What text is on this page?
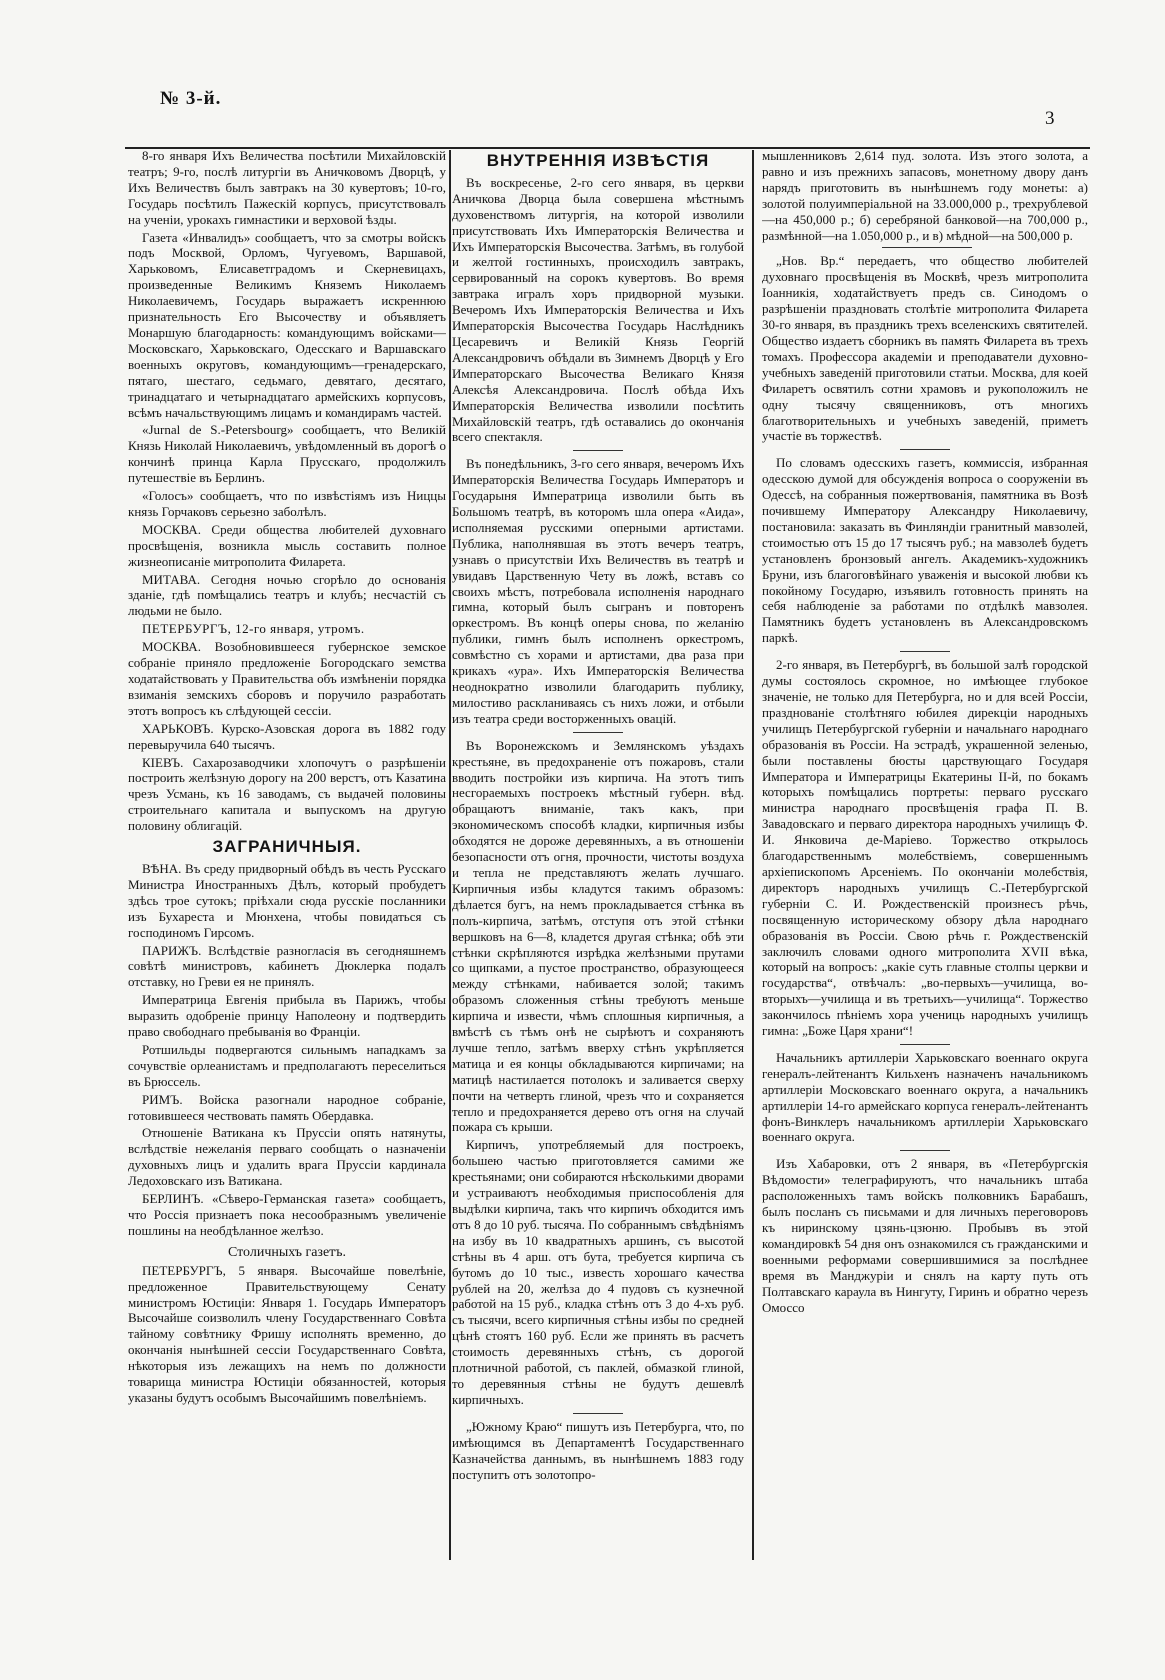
№ 3-й.
3

8-го января Ихъ Величества посѣтили Михайловскій театръ; 9-го, послѣ литургіи въ Аничковомъ Дворцѣ, у Ихъ Величествъ былъ завтракъ на 30 кувертовъ; 10-го, Государь посѣтилъ Пажескій корпусъ, присутствовалъ на ученіи, урокахъ гимнастики и верховой ѣзды.

Газета «Инвалидъ» сообщаетъ, что за смотры войскъ подъ Москвой, Орломъ, Чугуевомъ, Варшавой, Харьковомъ, Елисаветградомъ и Скерневицахъ, произведенные Великимъ Княземъ Николаемъ Николаевичемъ, Государь выражаетъ искреннюю признательность Его Высочеству и объявляетъ Монаршую благодарность: командующимъ войсками—Московскаго, Харьковскаго, Одесскаго и Варшавскаго военныхъ округовъ, командующимъ—гренадерскаго, пятаго, шестаго, седьмаго, девятаго, десятаго, тринадцатаго и четырнадцатаго армейскихъ корпусовъ, всѣмъ начальствующимъ лицамъ и командирамъ частей.

«Jurnal de S.-Petersbourg» сообщаетъ, что Великій Князь Николай Николаевичъ, увѣдомленный въ дорогѣ о кончинѣ принца Карла Прусскаго, продолжилъ путешествіе въ Берлинъ.

«Голосъ» сообщаетъ, что по извѣстіямъ изъ Ниццы князь Горчаковъ серьезно заболѣлъ.

МОСКВА. Среди общества любителей духовнаго просвѣщенія, возникла мысль составить полное жизнеописаніе митрополита Филарета.

МИТАВА. Сегодня ночью сгорѣло до основанія зданіе, гдѣ помѣщались театръ и клубъ; несчастій съ людьми не было.

ПЕТЕРБУРГЪ, 12-го января, утромъ.

МОСКВА. Возобновившееся губернское земское собраніе приняло предложеніе Богородскаго земства ходатайствовать у Правительства объ измѣненіи порядка взиманія земскихъ сборовъ и поручило разработать этотъ вопросъ къ слѣдующей сессіи.

ХАРЬКОВЪ. Курско-Азовская дорога въ 1882 году перевыручила 640 тысячъ.

КІЕВЪ. Сахарозаводчики хлопочутъ о разрѣшеніи построить желѣзную дорогу на 200 верстъ, отъ Казатина чрезъ Усмань, къ 16 заводамъ, съ выдачей половины строительнаго капитала и выпускомъ на другую половину облигацій.

ЗАГРАНИЧНЫЯ.

ВѢНА. Въ среду придворный обѣдъ въ честь Русскаго Министра Иностранныхъ Дѣлъ, который пробудетъ здѣсь трое сутокъ; пріѣхали сюда русскіе посланники изъ Бухареста и Мюнхена, чтобы повидаться съ господиномъ Гирсомъ.

ПАРИЖЪ. Вслѣдствіе разногласія въ сегодняшнемъ совѣтѣ министровъ, кабинетъ Дюклерка подалъ отставку, но Греви ея не принялъ.

Императрица Евгенія прибыла въ Парижъ, чтобы выразить одобреніе принцу Наполеону и подтвердить право свободнаго пребыванія во Франціи.

Ротшильды подвергаются сильнымъ нападкамъ за сочувствіе орлеанистамъ и предполагаютъ переселиться въ Брюссель.

РИМЪ. Войска разогнали народное собраніе, готовившееся чествовать память Обердавка.

Отношеніе Ватикана къ Пруссіи опять натянуты, вслѣдствіе нежеланія перваго сообщать о назначеніи духовныхъ лицъ и удалить врага Пруссіи кардинала Ледоховскаго изъ Ватикана.

БЕРЛИНЪ. «Сѣверо-Германская газета» сообщаетъ, что Россія признаетъ пока несообразнымъ увеличеніе пошлины на необдѣланное желѣзо.

Столичныхъ газетъ.

ПЕТЕРБУРГЪ, 5 января. Высочайше повелѣніе, предложенное Правительствующему Сенату министромъ Юстиціи: Января 1. Государь Императоръ Высочайше соизволилъ члену Государственнаго Совѣта тайному совѣтнику Фришу исполнять временно, до окончанія нынѣшней сессіи Государственнаго Совѣта, нѣкоторыя изъ лежащихъ на немъ по должности товарища министра Юстиціи обязанностей, которыя указаны будутъ особымъ Высочайшимъ повелѣніемъ.

ВНУТРЕННІЯ ИЗВѢСТІЯ

Въ воскресенье, 2-го сего января, въ церкви Аничкова Дворца была совершена мѣстнымъ духовенствомъ литургія, на которой изволили присутствовать Ихъ Императорскія Величества и Ихъ Императорскія Высочества. Затѣмъ, въ голубой и желтой гостинныхъ, происходилъ завтракъ, сервированный на сорокъ кувертовъ. Во время завтрака игралъ хоръ придворной музыки. Вечеромъ Ихъ Императорскія Величества и Ихъ Императорскія Высочества Государь Наслѣдникъ Цесаревичъ и Великій Князь Георгій Александровичъ обѣдали въ Зимнемъ Дворцѣ у Его Императорскаго Высочества Великаго Князя Алексѣя Александровича. Послѣ обѣда Ихъ Императорскія Величества изволили посѣтить Михайловскій театръ, гдѣ оставались до окончанія всего спектакля.

Въ понедѣльникъ, 3-го сего января, вечеромъ Ихъ Императорскія Величества Государь Императоръ и Государыня Императрица изволили быть въ Большомъ театрѣ, въ которомъ шла опера «Аида», исполняемая русскими оперными артистами. Публика, наполнявшая въ этотъ вечеръ театръ, узнавъ о присутствіи Ихъ Величествъ въ театрѣ и увидавъ Царственную Чету въ ложѣ, вставъ со своихъ мѣстъ, потребовала исполненія народнаго гимна, который былъ сыгранъ и повторенъ оркестромъ. Въ концѣ оперы снова, по желанію публики, гимнъ былъ исполненъ оркестромъ, совмѣстно съ хорами и артистами, два раза при крикахъ «ура». Ихъ Императорскія Величества неоднократно изволили благодарить публику, милостиво раскланиваясь съ нихъ ложи, и отбыли изъ театра среди восторженныхъ овацій.

Въ Воронежскомъ и Землянскомъ уѣздахъ крестьяне, въ предохраненіе отъ пожаровъ, стали вводить постройки изъ кирпича. На этотъ типъ несгораемыхъ построекъ мѣстный губерн. вѣд. обращаютъ вниманіе, такъ какъ, при экономическомъ способѣ кладки, кирпичныя избы обходятся не дороже деревянныхъ, а въ отношеніи безопасности отъ огня, прочности, чистоты воздуха и тепла не представляютъ желать лучшаго. Кирпичныя избы кладутся такимъ образомъ: дѣлается бугъ, на немъ прокладывается стѣнка въ полъ-кирпича, затѣмъ, отступя отъ этой стѣнки вершковъ на 6—8, кладется другая стѣнка; обѣ эти стѣнки скрѣпляются изрѣдка желѣзными прутами со щипками, а пустое пространство, образующееся между стѣнками, набивается золой; такимъ образомъ сложенныя стѣны требуютъ меньше кирпича и извести, чѣмъ сплошныя кирпичныя, а вмѣстѣ съ тѣмъ онѣ не сырѣютъ и сохраняютъ лучше тепло, затѣмъ вверху стѣнъ укрѣпляется матица и ея концы обкладываются кирпичами; на матицѣ настилается потолокъ и заливается сверху почти на четверть глиной, чрезъ что и сохраняется тепло и предохраняется дерево отъ огня на случай пожара съ крыши.

Кирпичъ, употребляемый для построекъ, большею частью приготовляется самими же крестьянами; они собираются нѣсколькими дворами и устраиваютъ необходимыя приспособленія для выдѣлки кирпича, такъ что кирпичъ обходится имъ отъ 8 до 10 руб. тысяча. По собраннымъ свѣдѣніямъ на избу въ 10 квадратныхъ аршинъ, съ высотой стѣны въ 4 арш. отъ бута, требуется кирпича съ бутомъ до 10 тыс., известь хорошаго качества рублей на 20, желѣза до 4 пудовъ съ кузнечной работой на 15 руб., кладка стѣнъ отъ 3 до 4-хъ руб. съ тысячи, всего кирпичныя стѣны избы по средней цѣнѣ стоятъ 160 руб. Если же принять въ расчетъ стоимость деревянныхъ стѣнъ, съ дорогой плотничной работой, съ паклей, обмазкой глиной, то деревянныя стѣны не будутъ дешевлѣ кирпичныхъ.

„Южному Краю“ пишутъ изъ Петербурга, что, по имѣющимся въ Департаментѣ Государственнаго Казначейства даннымъ, въ нынѣшнемъ 1883 году поступитъ отъ золотопро-

мышленниковъ 2,614 пуд. золота. Изъ этого золота, а равно и изъ прежнихъ запасовъ, монетному двору данъ нарядъ приготовить въ нынѣшнемъ году монеты: а) золотой полуимперіальной на 33.000,000 р., трехрублевой—на 450,000 р.; б) серебряной банковой—на 700,000 р., размѣнной—на 1.050,000 р., и в) мѣдной—на 500,000 р.

„Нов. Вр.“ передаетъ, что общество любителей духовнаго просвѣщенія въ Москвѣ, чрезъ митрополита Іоанникія, ходатайствуетъ предъ св. Синодомъ о разрѣшеніи праздновать столѣтіе митрополита Филарета 30-го января, въ праздникъ трехъ вселенскихъ святителей. Общество издаетъ сборникъ въ память Филарета въ трехъ томахъ. Профессора академіи и преподаватели духовно-учебныхъ заведеній приготовили статьи. Москва, для коей Филаретъ освятилъ сотни храмовъ и рукоположилъ не одну тысячу священниковъ, отъ многихъ благотворительныхъ и учебныхъ заведеній, приметъ участіе въ торжествѣ.

По словамъ одесскихъ газетъ, коммиссія, избранная одесскою думой для обсужденія вопроса о сооруженіи въ Одессѣ, на собранныя пожертвованія, памятника въ Возѣ почившему Императору Александру Николаевичу, постановила: заказать въ Финляндіи гранитный мавзолей, стоимостью отъ 15 до 17 тысячъ руб.; на мавзолеѣ будетъ установленъ бронзовый ангелъ. Академикъ-художникъ Бруни, изъ благоговѣйнаго уваженія и высокой любви къ покойному Государю, изъявилъ готовность принять на себя наблюденіе за работами по отдѣлкѣ мавзолея. Памятникъ будетъ установленъ въ Александровскомъ паркѣ.

2-го января, въ Петербургѣ, въ большой залѣ городской думы состоялось скромное, но имѣющее глубокое значеніе, не только для Петербурга, но и для всей Россіи, празднованіе столѣтняго юбилея дирекціи народныхъ училищъ Петербургской губерніи и начальнаго народнаго образованія въ Россіи. На эстрадѣ, украшенной зеленью, были поставлены бюсты царствующаго Государя Императора и Императрицы Екатерины II-й, по бокамъ которыхъ помѣщались портреты: перваго русскаго министра народнаго просвѣщенія графа П. В. Завадовскаго и перваго директора народныхъ училищъ Ф. И. Янковича де-Маріево. Торжество открылось благодарственнымъ молебствіемъ, совершеннымъ архіепископомъ Арсеніемъ. По окончаніи молебствія, директоръ народныхъ училищъ С.-Петербургской губерніи С. И. Рождественскій произнесъ рѣчь, посвященную историческому обзору дѣла народнаго образованія въ Россіи. Свою рѣчь г. Рождественскій заключилъ словами одного митрополита XVII вѣка, который на вопросъ: „какіе суть главные столпы церкви и государства“, отвѣчалъ: „во-первыхъ—училища, во-вторыхъ—училища и въ третьихъ—училища“. Торжество закончилось пѣніемъ хора учениць народныхъ училищъ гимна: „Боже Царя храни“!

Начальникъ артиллеріи Харьковскаго военнаго округа генералъ-лейтенантъ Кильхенъ назначенъ начальникомъ артиллеріи Московскаго военнаго округа, а начальникъ артиллеріи 14-го армейскаго корпуса генералъ-лейтенантъ фонъ-Винклеръ начальникомъ артиллеріи Харьковскаго военнаго округа.

Изъ Хабаровки, отъ 2 января, въ «Петербургскія Вѣдомости» телеграфируютъ, что начальникъ штаба расположенныхъ тамъ войскъ полковникъ Барабашъ, былъ посланъ съ письмами и для личныхъ переговоровъ къ ниринскому цзянь-цзюню. Пробывъ въ этой командировкѣ 54 дня онъ ознакомился съ гражданскими и военными реформами совершившимися за послѣднее время въ Манджуріи и снялъ на карту путь отъ Полтавскаго караула въ Нингуту, Гиринъ и обратно черезъ Омоссо
